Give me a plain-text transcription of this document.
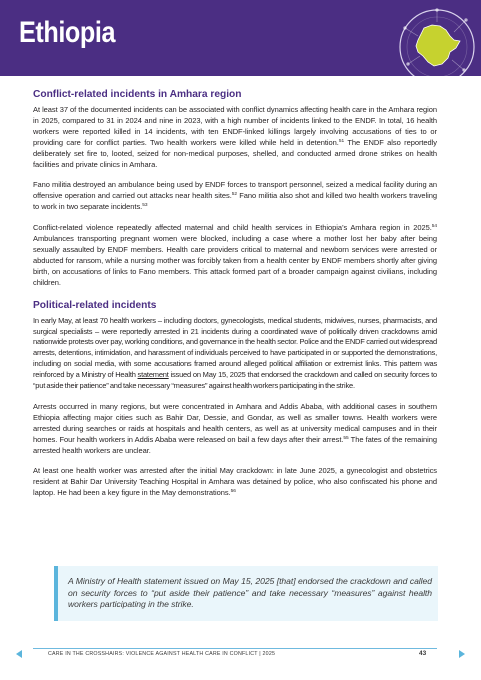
Ethiopia
Conflict-related incidents in Amhara region

At least 37 of the documented incidents can be associated with conflict dynamics affecting health care in the Amhara region in 2025, compared to 31 in 2024 and nine in 2023, with a high number of incidents linked to the ENDF. In total, 16 health workers were reported killed in 14 incidents, with ten ENDF-linked killings largely involving accusations of ties to or providing care for conflict parties. Two health workers were killed while held in detention.$^{51}$ The ENDF also reportedly deliberately set fire to, looted, seized for non-medical purposes, shelled, and conducted armed drone strikes on health facilities and private clinics in Amhara.

Fano militia destroyed an ambulance being used by ENDF forces to transport personnel, seized a medical facility during an offensive operation and carried out attacks near health sites.$^{52}$ Fano militia also shot and killed two health workers traveling to work in two separate incidents.$^{53}$

Conflict-related violence repeatedly affected maternal and child health services in Ethiopia’s Amhara region in 2025.54 Ambulances transporting pregnant women were blocked, including a case where a mother lost her baby after being sexually assaulted by ENDF members. Health care providers critical to maternal and newborn services were arrested or abducted for ransom, while a nursing mother was forcibly taken from a health center by ENDF members shortly after giving birth, on accusations of links to Fano members. This attack formed part of a broader campaign against civilians, including children.

Political-related incidents

In early May, at least 70 health workers – including doctors, gynecologists, medical students, midwives, nurses, pharmacists, and surgical specialists – were reportedly arrested in 21 incidents during a coordinated wave of politically driven crackdowns amid nationwide protests over pay, working conditions, and governance in the health sector. Police and the ENDF carried out widespread arrests, detentions, intimidation, and harassment of individuals perceived to have participated in or supported the demonstrations, including on social media, with some accusations framed around alleged political affiliation or extremist links. This pattern was reinforced by a Ministry of Health statement issued on May 15, 2025 that endorsed the crackdown and called on security forces to “put aside their patience” and take necessary “measures” against health workers participating in the strike.

Arrests occurred in many regions, but were concentrated in Amhara and Addis Ababa, with additional cases in southern Ethiopia affecting major cities such as Bahir Dar, Dessie, and Gondar, as well as smaller towns. Health workers were arrested during searches or raids at hospitals and health centers, as well as at university medical campuses and in their homes. Four health workers in Addis Ababa were released on bail a few days after their arrest.$^{55}$ The fates of the remaining arrested health workers are unclear.

At least one health worker was arrested after the initial May crackdown: in late June 2025, a gynecologist and obstetrics resident at Bahir Dar University Teaching Hospital in Amhara was detained by police, who also confiscated his phone and laptop. He had been a key figure in the May demonstrations.$^{56}$

A Ministry of Health statement issued on May 15, 2025 [that] endorsed the crackdown and called on security forces to “put aside their patience” and take necessary “measures” against health workers participating in the strike.

CARE IN THE CROSSHAIRS: VIOLENCE AGAINST HEALTH CARE IN CONFLICT | 2025	43
